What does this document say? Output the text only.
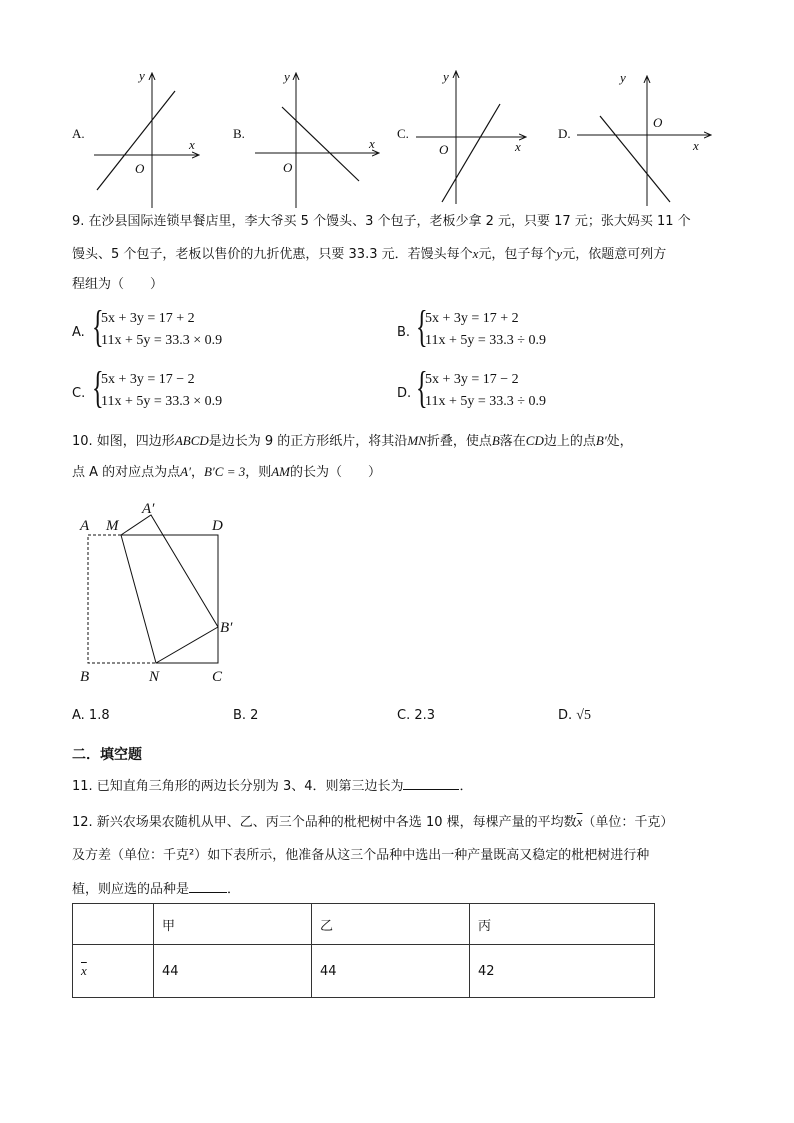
A.	B.	C.	D.
x
y
O
x
y
O
x
y
O	x
y
O
9. 在沙县国际连锁早餐店里，李大爷买 5 个馒头、3 个包子，老板少拿 2 元，只要 17 元；张大妈买 11 个
馒头、5 个包子，老板以售价的九折优惠，只要 33.3 元．若馒头每个x元，包子每个y元，依题意可列方
程组为（　　）
A. {
5x + 3y = 17 + 2
11x + 5y = 33.3 × 0.9
B. {
5x + 3y = 17 + 2
11x + 5y = 33.3 ÷ 0.9
C. {
5x + 3y = 17 − 2
11x + 5y = 33.3 × 0.9
D. {
5x + 3y = 17 − 2
11x + 5y = 33.3 ÷ 0.9
10. 如图，四边形ABCD是边长为 9 的正方形纸片，将其沿MN折叠，使点B落在CD边上的点B′处，
点 A 的对应点为点A′，B′C = 3，则AM的长为（　　）
A M
A′
D
B′
B	N	C
A. 1.8	B. 2	C. 2.3	D. √5
二．填空题
11. 已知直角三角形的两边长分别为 3、4．则第三边长为	．
12. 新兴农场果农随机从甲、乙、丙三个品种的枇杷树中各选 10 棵，每棵产量的平均数$\overline{x}$（单位：千克）
及方差（单位：千克²）如下表所示，他准备从这三个品种中选出一种产量既高又稳定的枇杷树进行种
植，则应选的品种是	．
	甲	乙	丙
$\overline{x}$	44	44	42
